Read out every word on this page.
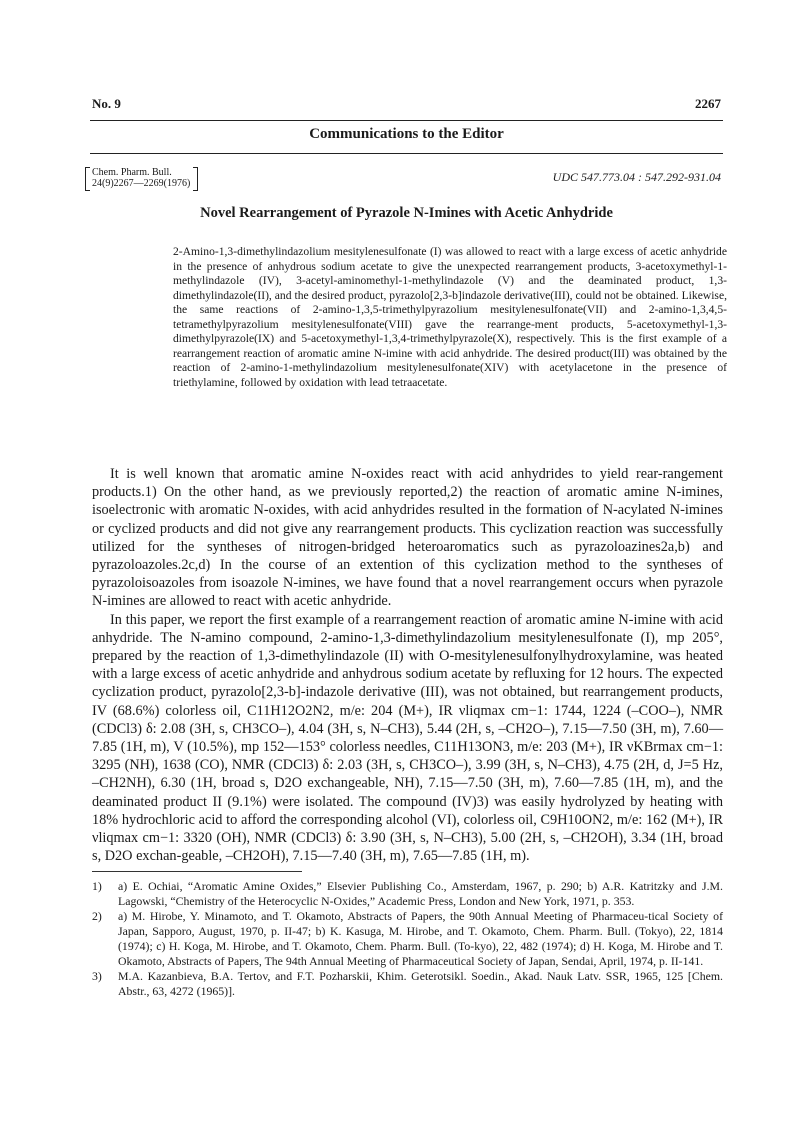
No. 9	2267
Communications to the Editor
Chem. Pharm. Bull.
24(9)2267—2269(1976)	UDC 547.773.04 : 547.292-931.04
Novel Rearrangement of Pyrazole N-Imines with Acetic Anhydride

2-Amino-1,3-dimethylindazolium mesitylenesulfonate (I) was allowed to react with a large excess of acetic anhydride in the presence of anhydrous sodium acetate to give the unexpected rearrangement products, 3-acetoxymethyl-1-methylindazole (IV), 3-acetyl-aminomethyl-1-methylindazole (V) and the deaminated product, 1,3-dimethylindazole(II), and the desired product, pyrazolo[2,3-b]indazole derivative(III), could not be obtained. Likewise, the same reactions of 2-amino-1,3,5-trimethylpyrazolium mesitylenesulfonate(VII) and 2-amino-1,3,4,5-tetramethylpyrazolium mesitylenesulfonate(VIII) gave the rearrange-ment products, 5-acetoxymethyl-1,3-dimethylpyrazole(IX) and 5-acetoxymethyl-1,3,4-trimethylpyrazole(X), respectively. This is the first example of a rearrangement reaction of aromatic amine N-imine with acid anhydride. The desired product(III) was obtained by the reaction of 2-amino-1-methylindazolium mesitylenesulfonate(XIV) with acetylacetone in the presence of triethylamine, followed by oxidation with lead tetraacetate.

It is well known that aromatic amine N-oxides react with acid anhydrides to yield rear-rangement products.1) On the other hand, as we previously reported,2) the reaction of aromatic amine N-imines, isoelectronic with aromatic N-oxides, with acid anhydrides resulted in the formation of N-acylated N-imines or cyclized products and did not give any rearrangement products. This cyclization reaction was successfully utilized for the syntheses of nitrogen-bridged heteroaromatics such as pyrazoloazines2a,b) and pyrazoloazoles.2c,d) In the course of an extention of this cyclization method to the syntheses of pyrazoloisoazoles from isoazole N-imines, we have found that a novel rearrangement occurs when pyrazole N-imines are allowed to react with acetic anhydride.

In this paper, we report the first example of a rearrangement reaction of aromatic amine N-imine with acid anhydride. The N-amino compound, 2-amino-1,3-dimethylindazolium mesitylenesulfonate (I), mp 205°, prepared by the reaction of 1,3-dimethylindazole (II) with O-mesitylenesulfonylhydroxylamine, was heated with a large excess of acetic anhydride and anhydrous sodium acetate by refluxing for 12 hours. The expected cyclization product, pyrazolo[2,3-b]-indazole derivative (III), was not obtained, but rearrangement products, IV (68.6%) colorless oil, C11H12O2N2, m/e: 204 (M+), IR νliqmax cm−1: 1744, 1224 (–COO–), NMR (CDCl3) δ: 2.08 (3H, s, CH3CO–), 4.04 (3H, s, N–CH3), 5.44 (2H, s, –CH2O–), 7.15—7.50 (3H, m), 7.60—7.85 (1H, m), V (10.5%), mp 152—153° colorless needles, C11H13ON3, m/e: 203 (M+), IR νKBrmax cm−1: 3295 (NH), 1638 (CO), NMR (CDCl3) δ: 2.03 (3H, s, CH3CO–), 3.99 (3H, s, N–CH3), 4.75 (2H, d, J=5 Hz, –CH2NH), 6.30 (1H, broad s, D2O exchangeable, NH), 7.15—7.50 (3H, m), 7.60—7.85 (1H, m), and the deaminated product II (9.1%) were isolated. The compound (IV)3) was easily hydrolyzed by heating with 18% hydrochloric acid to afford the corresponding alcohol (VI), colorless oil, C9H10ON2, m/e: 162 (M+), IR νliqmax cm−1: 3320 (OH), NMR (CDCl3) δ: 3.90 (3H, s, N–CH3), 5.00 (2H, s, –CH2OH), 3.34 (1H, broad s, D2O exchan-geable, –CH2OH), 7.15—7.40 (3H, m), 7.65—7.85 (1H, m).

1)	a) E. Ochiai, “Aromatic Amine Oxides,” Elsevier Publishing Co., Amsterdam, 1967, p. 290; b) A.R. Katritzky and J.M. Lagowski, “Chemistry of the Heterocyclic N-Oxides,” Academic Press, London and New York, 1971, p. 353.
2)	a) M. Hirobe, Y. Minamoto, and T. Okamoto, Abstracts of Papers, the 90th Annual Meeting of Pharmaceu-tical Society of Japan, Sapporo, August, 1970, p. II-47; b) K. Kasuga, M. Hirobe, and T. Okamoto, Chem. Pharm. Bull. (Tokyo), 22, 1814 (1974); c) H. Koga, M. Hirobe, and T. Okamoto, Chem. Pharm. Bull. (To-kyo), 22, 482 (1974); d) H. Koga, M. Hirobe and T. Okamoto, Abstracts of Papers, The 94th Annual Meeting of Pharmaceutical Society of Japan, Sendai, April, 1974, p. II-141.
3)	M.A. Kazanbieva, B.A. Tertov, and F.T. Pozharskii, Khim. Geterotsikl. Soedin., Akad. Nauk Latv. SSR, 1965, 125 [Chem. Abstr., 63, 4272 (1965)].
